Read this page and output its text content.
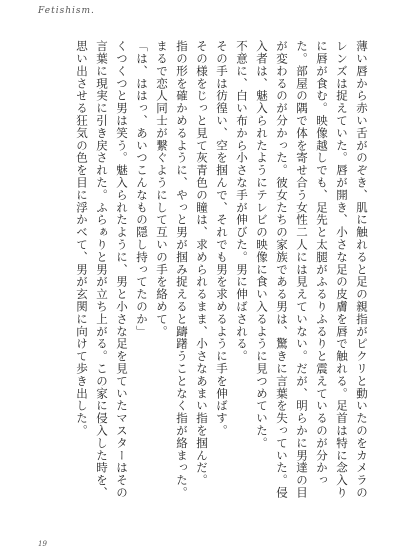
Fetishism.
薄い唇から赤い舌がのぞき、肌に触れると足の親指がピクリと動いたのをカメラのレンズは捉えていた。唇が開き、小さな足の皮膚を唇で触れる。足首は特に念入りに唇が食む。映像越しでも、足先と太腿がふるりふるりと震えているのが分かった。部屋の隅で体を寄せ合う女性二人には見えていない。だが、明らかに男達の目が変わるのが分かった。彼女たちの家族である男は、驚きに言葉を失っていた。侵入者は、魅入られたようにテレビの映像に食い入るように見つめていた。
不意に、白い布から小さな手が伸びた。男に伸ばされる。
その手は彷徨い、空を掴んで、それでも男を求めるように手を伸ばす。
その様をじっと見て灰青色の瞳は、求められるまま、小さなあまい指を掴んだ。
指の形を確かめるように、やっと男が掴み捉えると躊躇うことなく指が絡まった。
まるで恋人同士が繋ぐようにして互いの手を絡めて。
「は、ははっ、あいつこんなもの隠し持ってたのか」
くつくつと男は笑う。魅入られたように、男と小さな足を見ていたマスターはその言葉に現実に引き戻された。ふらぁりと男が立ち上がる。この家に侵入した時を、思い出させる狂気の色を目に浮かべて、男が玄関に向けて歩き出した。
19
